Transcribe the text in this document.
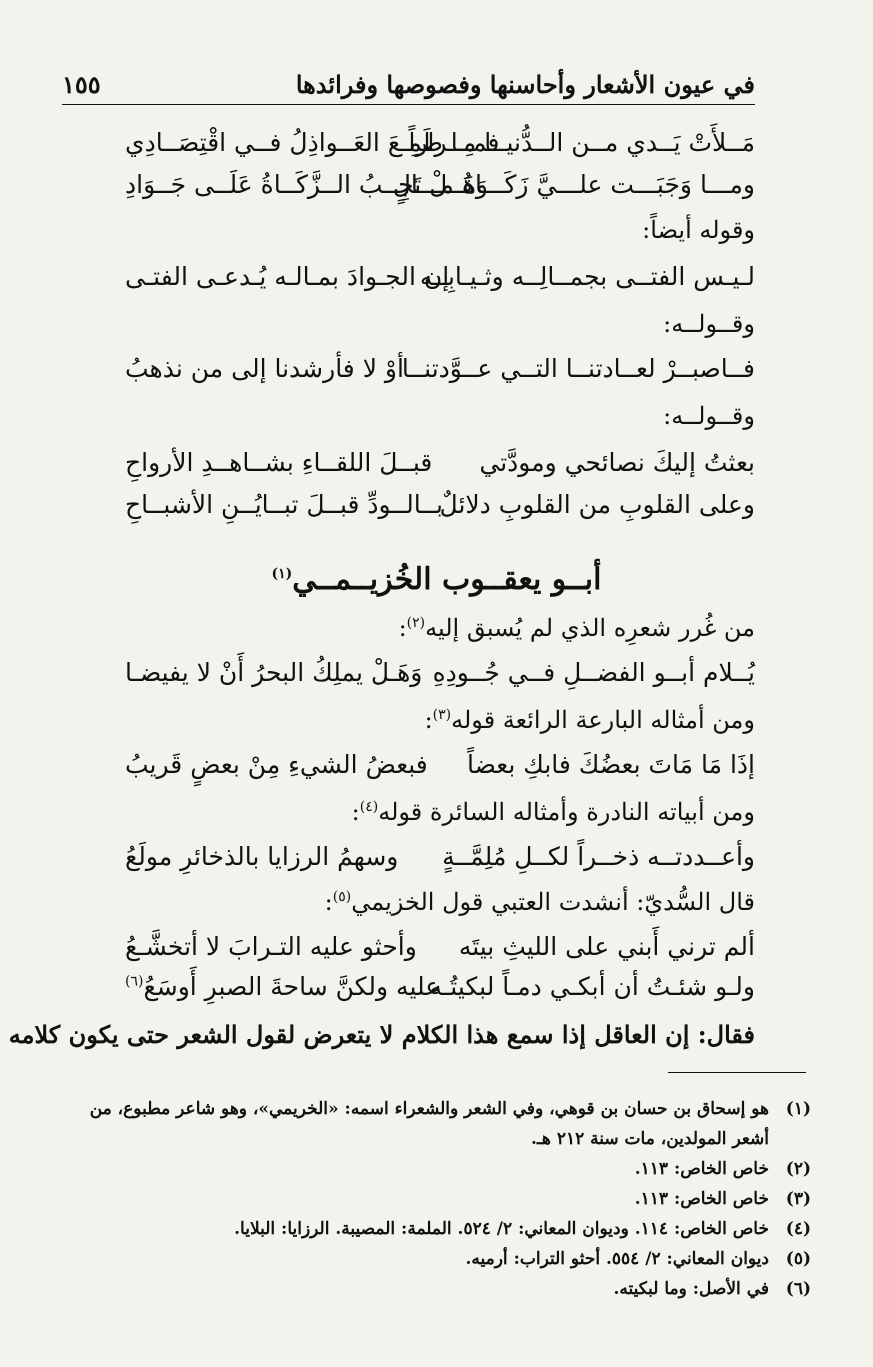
في عيون الأشعار وأحاسنها وفصوصها وفرائدها
١٥٥
مَــلأَتْ يَــدي مــن الــدُّنيــا مِــراراً
فمــا طَمِـعَ العَــواذِلُ فــي اقْتِصَــادِي
ومـــا وَجَبَـــت علـــيَّ زَكَـــاةُ مـــالٍ
وَهَــلْ تَجِــبُ الــزَّكَــاةُ عَلَــى جَــوَادِ
وقوله أيضاً:
لـيـس الفتــى بجمــالِــه وثـيـابِــه
إن الجـوادَ بمـالـه يُـدعـى الفتـى
وقــولــه:
فــاصبــرْ لعــادتنــا التــي عــوَّدتنــا
أوْ لا فأرشدنا إلى من نذهبُ
وقــولــه:
بعثتُ إليكَ نصائحي ومودَّتي
قبــلَ اللقــاءِ بشــاهــدِ الأرواحِ
وعلى القلوبِ من القلوبِ دلائلٌ
بــالــودِّ قبــلَ تبــايُــنِ الأشبــاحِ
أبــو يعقــوب الخُزيــمــي$^{(١)}$
من غُرر شعرِه الذي لم يُسبق إليه$^{(٢)}$:
يُــلام أبــو الفضــلِ فــي جُــودِهِ
وَهَـلْ يملِكُ البحرُ أَنْ لا يفيضـا
ومن أمثاله البارعة الرائعة قوله$^{(٣)}$:
إذَا مَا مَاتَ بعضُكَ فابكِ بعضاً
فبعضُ الشيءِ مِنْ بعضٍ قَريبُ
ومن أبياته النادرة وأمثاله السائرة قوله$^{(٤)}$:
وأعــددتــه ذخــراً لكــلِ مُلِمَّــةٍ
وسهمُ الرزايا بالذخائرِ مولَعُ
قال السُّديّ: أنشدت العتبي قول الخزيمي$^{(٥)}$:
ألم ترني أَبني على الليثِ بيتَه
وأحثو عليه التـرابَ لا أتخشَّـعُ
ولـو شئـتُ أن أبكـي دمـاً لبكيتُـه
عليه ولكنَّ ساحةَ الصبرِ أَوسَعُ$^{(٦)}$
فقال: إن العاقل إذا سمع هذا الكلام لا يتعرض لقول الشعر حتى يكون كلامه
(١)
هو إسحاق بن حسان بن قوهي، وفي الشعر والشعراء اسمه: «الخريمي»، وهو شاعر مطبوع، من أشعر المولدين، مات سنة ٢١٢ هـ.
(٢)
خاص الخاص: ١١٣.
(٣)
خاص الخاص: ١١٣.
(٤)
خاص الخاص: ١١٤. وديوان المعاني: ٢/ ٥٢٤. الملمة: المصيبة. الرزايا: البلايا.
(٥)
ديوان المعاني: ٢/ ٥٥٤. أحثو التراب: أرميه.
(٦)
في الأصل: وما لبكيته.
